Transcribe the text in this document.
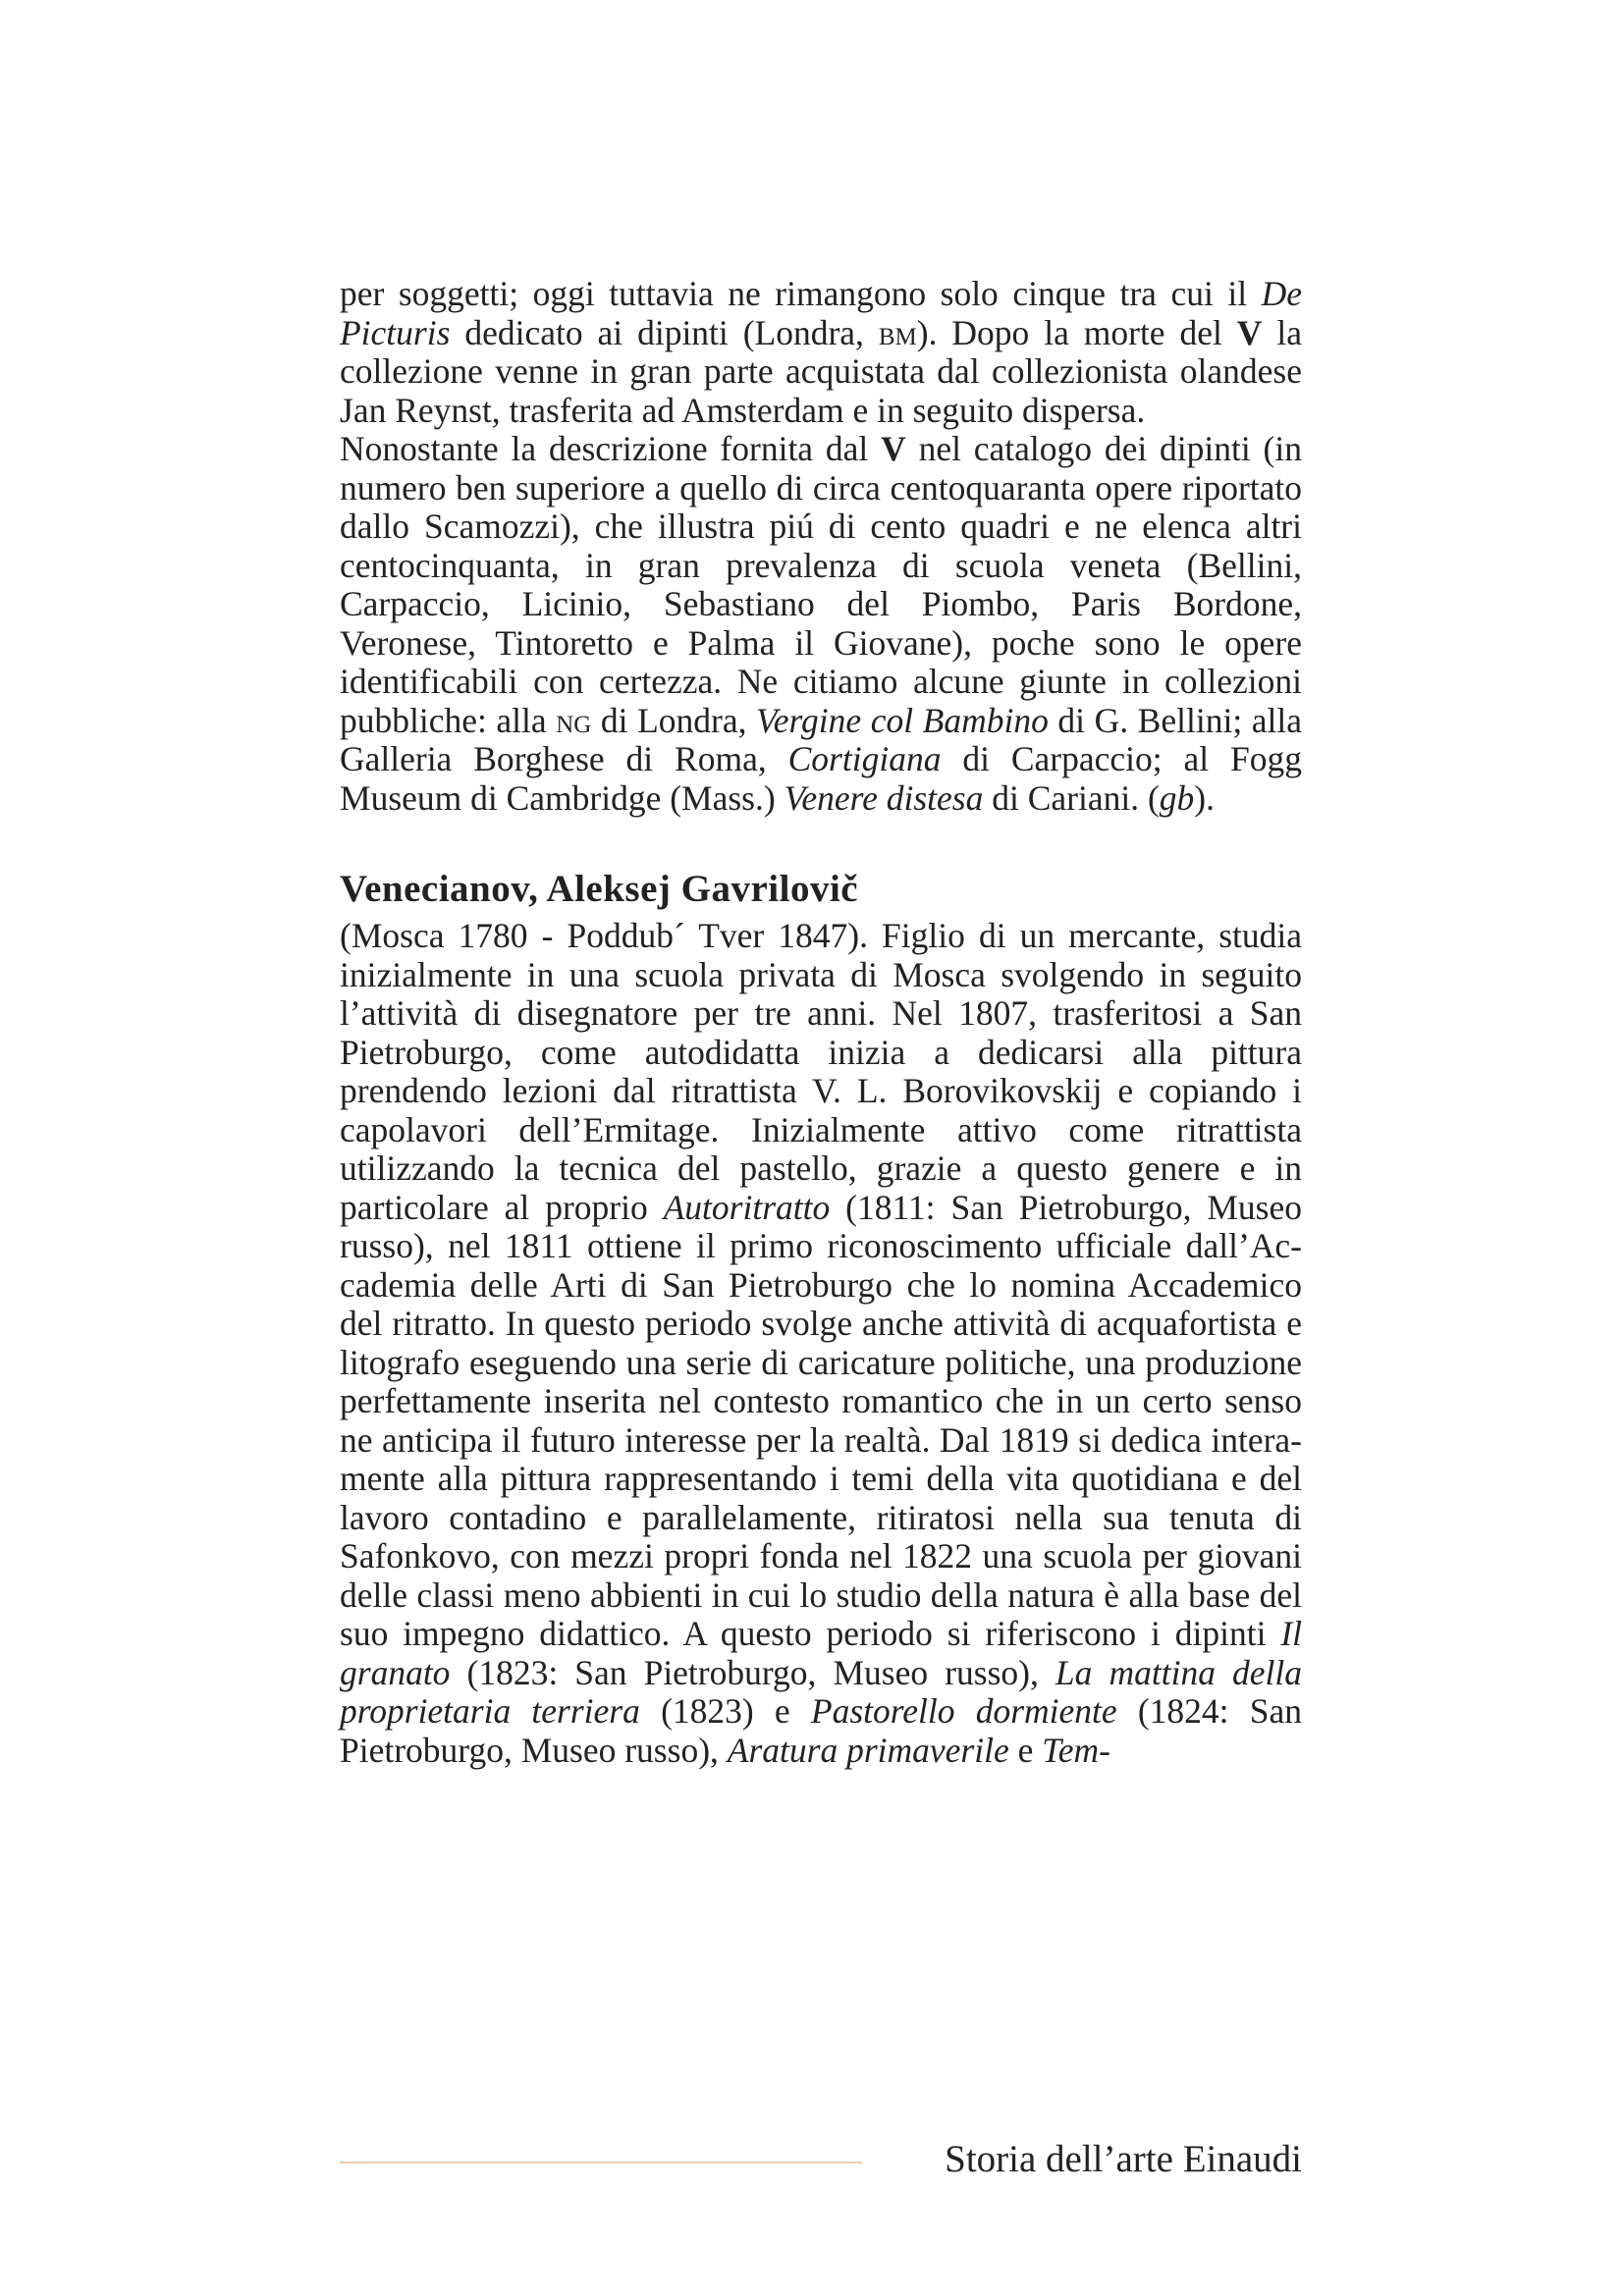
per soggetti; oggi tuttavia ne rimangono solo cinque tra cui il De Picturis dedicato ai dipinti (Londra, bm). Dopo la morte del V la collezione venne in gran parte acquistata dal collezionista olandese Jan Reynst, trasferita ad Amsterdam e in seguito dispersa.

Nonostante la descrizione fornita dal V nel catalogo dei dipinti (in numero ben superiore a quello di circa centoquaranta opere riportato dallo Scamozzi), che illustra piú di cento quadri e ne elenca altri centocinquanta, in gran prevalenza di scuola veneta (Bellini, Carpaccio, Licinio, Sebastiano del Piombo, Paris Bordone, Veronese, Tintoretto e Palma il Giovane), poche sono le opere identificabili con certezza. Ne citiamo alcune giunte in collezioni pubbliche: alla ng di Londra, Vergine col Bambino di G. Bellini; alla Galleria Borghese di Roma, Cortigiana di Carpaccio; al Fogg Museum di Cambridge (Mass.) Venere distesa di Cariani. (gb).

Venecianov, Aleksej Gavrilovič

(Mosca 1780 - Poddub´ Tver 1847). Figlio di un mercante, studia inizialmente in una scuola privata di Mosca svolgendo in seguito l’attività di disegnatore per tre anni. Nel 1807, trasferitosi a San Pietroburgo, come autodidatta inizia a dedicarsi alla pittura prendendo lezioni dal ritrattista V. L. Borovikovskij e copiando i capolavori dell’Ermitage. Inizialmente attivo come ritrattista utilizzando la tecnica del pastello, grazie a questo genere e in particolare al proprio Autoritratto (1811: San Pietroburgo, Museo russo), nel 1811 ottiene il primo riconoscimento ufficiale dall’Accademia delle Arti di San Pietroburgo che lo nomina Accademico del ritratto. In questo periodo svolge anche attività di acquafortista e litografo eseguendo una serie di caricature politiche, una produzione perfettamente inserita nel contesto romantico che in un certo senso ne anticipa il futuro interesse per la realtà. Dal 1819 si dedica interamente alla pittura rappresentando i temi della vita quotidiana e del lavoro contadino e parallelamente, ritiratosi nella sua tenuta di Safonkovo, con mezzi propri fonda nel 1822 una scuola per giovani delle classi meno abbienti in cui lo studio della natura è alla base del suo impegno didattico. A questo periodo si riferiscono i dipinti Il granato (1823: San Pietroburgo, Museo russo), La mattina della proprietaria terriera (1823) e Pastorello dormiente (1824: San Pietroburgo, Museo russo), Aratura primaverile e Tem-

Storia dell’arte Einaudi
